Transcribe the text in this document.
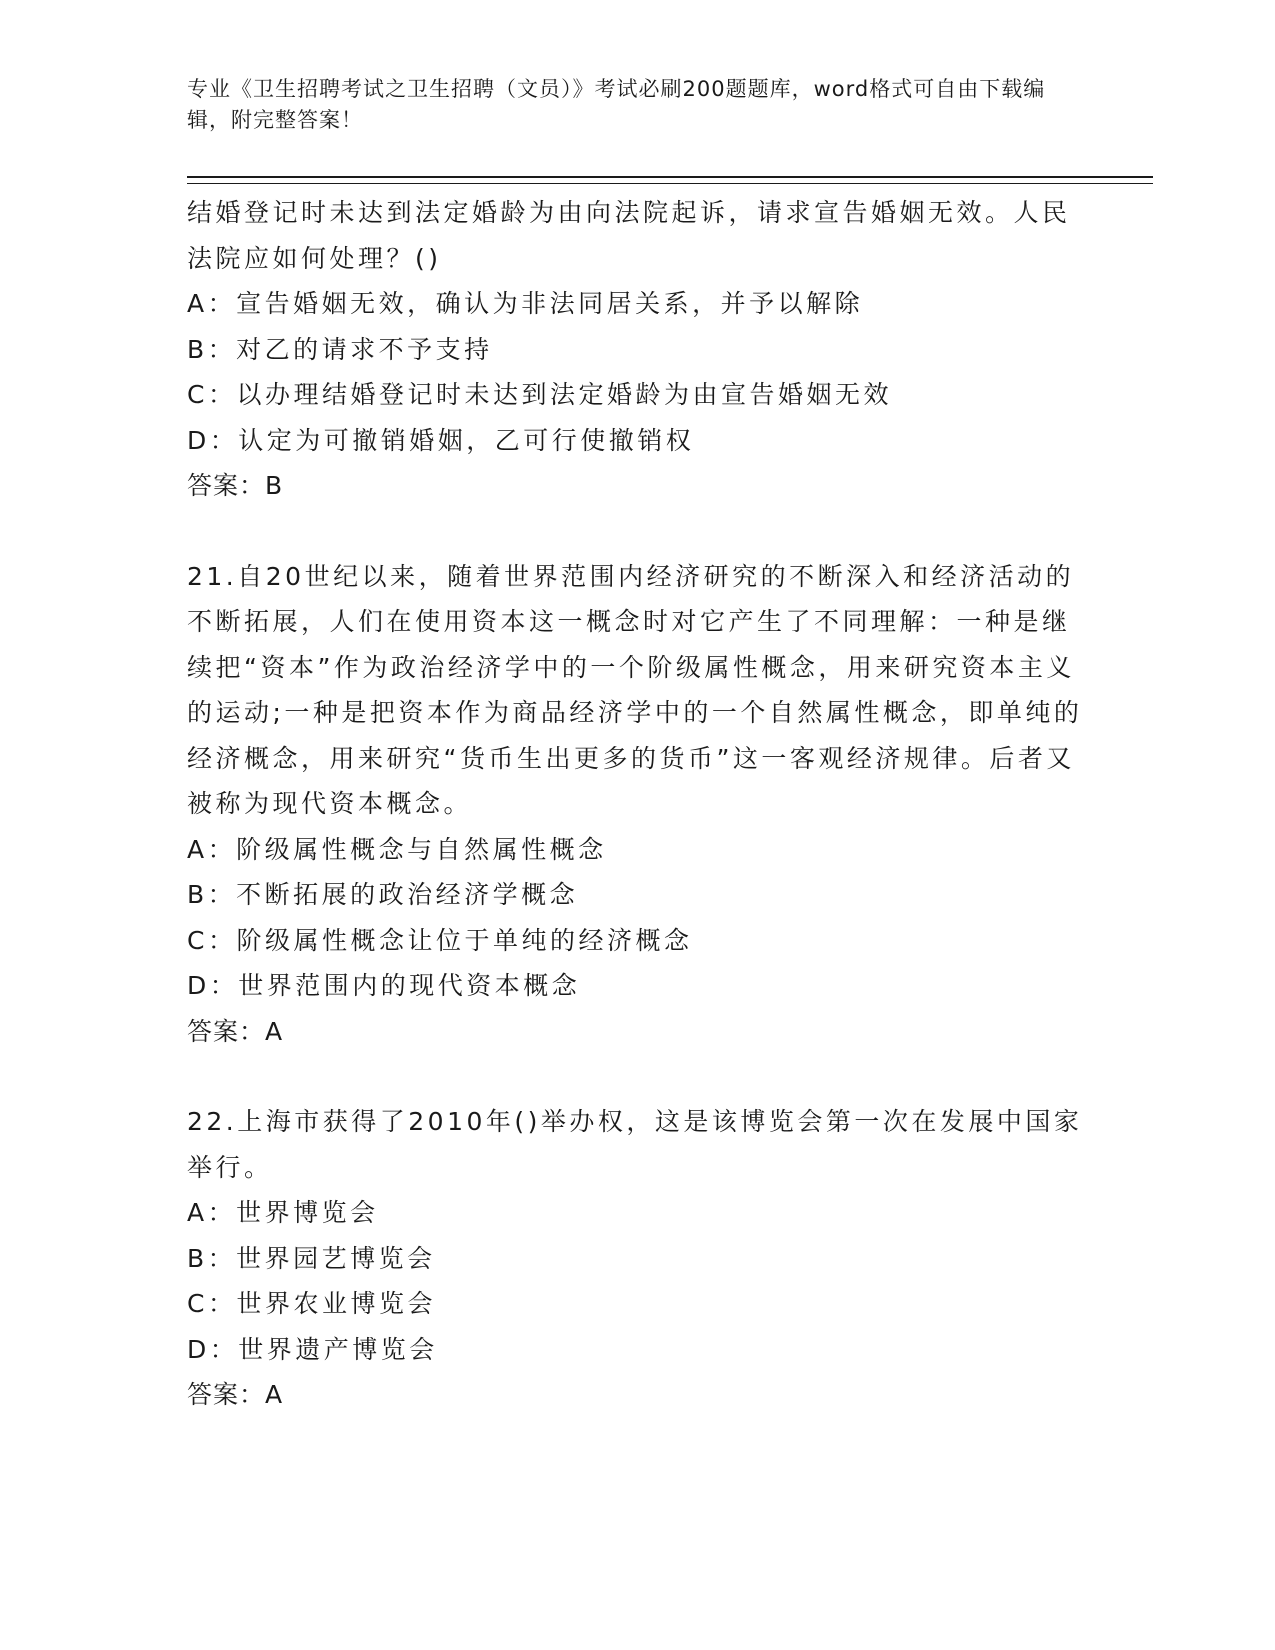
专业《卫生招聘考试之卫生招聘（文员）》考试必刷200题题库，word格式可自由下载编辑，附完整答案！

结婚登记时未达到法定婚龄为由向法院起诉，请求宣告婚姻无效。人民法院应如何处理？()

A：宣告婚姻无效，确认为非法同居关系，并予以解除

B：对乙的请求不予支持

C：以办理结婚登记时未达到法定婚龄为由宣告婚姻无效

D：认定为可撤销婚姻，乙可行使撤销权

答案：B

21.自20世纪以来，随着世界范围内经济研究的不断深入和经济活动的不断拓展，人们在使用资本这一概念时对它产生了不同理解：一种是继续把“资本”作为政治经济学中的一个阶级属性概念，用来研究资本主义的运动;一种是把资本作为商品经济学中的一个自然属性概念，即单纯的经济概念，用来研究“货币生出更多的货币”这一客观经济规律。后者又被称为现代资本概念。

A：阶级属性概念与自然属性概念

B：不断拓展的政治经济学概念

C：阶级属性概念让位于单纯的经济概念

D：世界范围内的现代资本概念

答案：A

22.上海市获得了2010年()举办权，这是该博览会第一次在发展中国家举行。

A：世界博览会

B：世界园艺博览会

C：世界农业博览会

D：世界遗产博览会

答案：A
